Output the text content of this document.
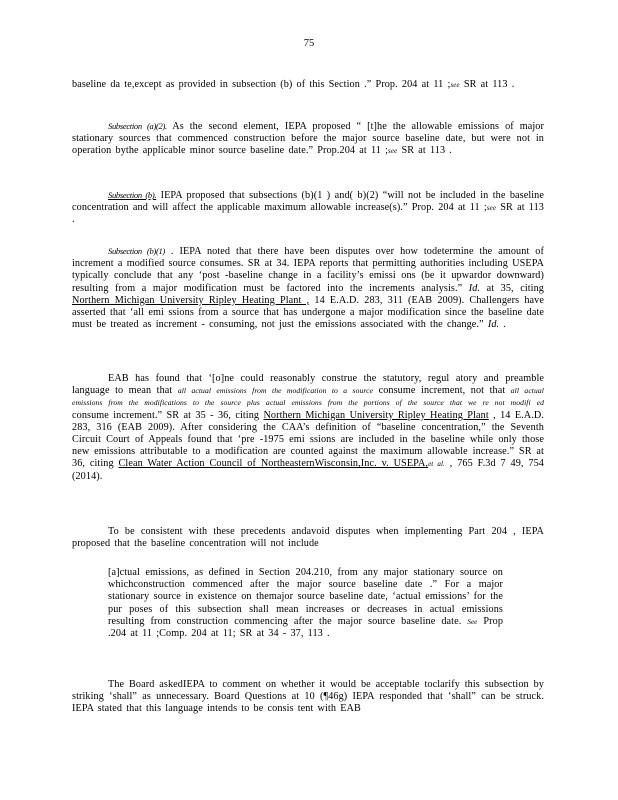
75

baseline da te,except as provided in subsection (b) of this Section .” Prop. 204 at 11 ;see SR at 113 .

Subsection (a)(2). As the second element, IEPA proposed “ [t]he the allowable emissions of major stationary sources that commenced construction before the major source baseline date, but were not in operation bythe applicable minor source baseline date.” Prop.204 at 11 ;see SR at 113 .

Subsection (b). IEPA proposed that subsections (b)(1 ) and( b)(2) “will not be included in the baseline concentration and will affect the applicable maximum allowable increase(s).” Prop. 204 at 11 ;see SR at 113 .

Subsection (b)(1) . IEPA noted that there have been disputes over how todetermine the amount of increment a modified source consumes. SR at 34. IEPA reports that permitting authorities including USEPA typically conclude that any ‘post -baseline change in a facility’s emissi ons (be it upwardor downward) resulting from a major modification must be factored into the increments analysis.” Id. at 35, citing Northern Michigan University Ripley Heating Plant , 14 E.A.D. 283, 311 (EAB 2009). Challengers have asserted that ‘all emi ssions from a source that has undergone a major modification since the baseline date must be treated as increment - consuming, not just the emissions associated with the change.” Id. .

EAB has found that ‘[o]ne could reasonably construe the statutory, regul atory and preamble language to mean that all actual emissions from the modification to a source consume increment, not that all actual emissions from the modifications to the source plus actual emissions from the portions of the source that we re not modifi ed consume increment.” SR at 35 - 36, citing Northern Michigan University Ripley Heating Plant , 14 E.A.D. 283, 316 (EAB 2009). After considering the CAA’s definition of “baseline concentration,” the Seventh Circuit Court of Appeals found that ‘pre -1975 emi ssions are included in the baseline while only those new emissions attributable to a modification are counted against the maximum allowable increase.” SR at 36, citing Clean Water Action Council of NortheasternWisconsin,Inc. v. USEPA,et al. , 765 F.3d 7 49, 754 (2014).

To be consistent with these precedents andavoid disputes when implementing Part 204 , IEPA proposed that the baseline concentration will not include

[a]ctual emissions, as defined in Section 204.210, from any major stationary source on whichconstruction commenced after the major source baseline date .” For a major stationary source in existence on themajor source baseline date, ‘actual emissions’ for the pur poses of this subsection shall mean increases or decreases in actual emissions resulting from construction commencing after the major source baseline date. See Prop .204 at 11 ;Comp. 204 at 11; SR at 34 - 37, 113 .

The Board askedIEPA to comment on whether it would be acceptable toclarify this subsection by striking ‘shall” as unnecessary. Board Questions at 10 (¶46g) IEPA responded that ‘shall” can be struck. IEPA stated that this language intends to be consis tent with EAB
